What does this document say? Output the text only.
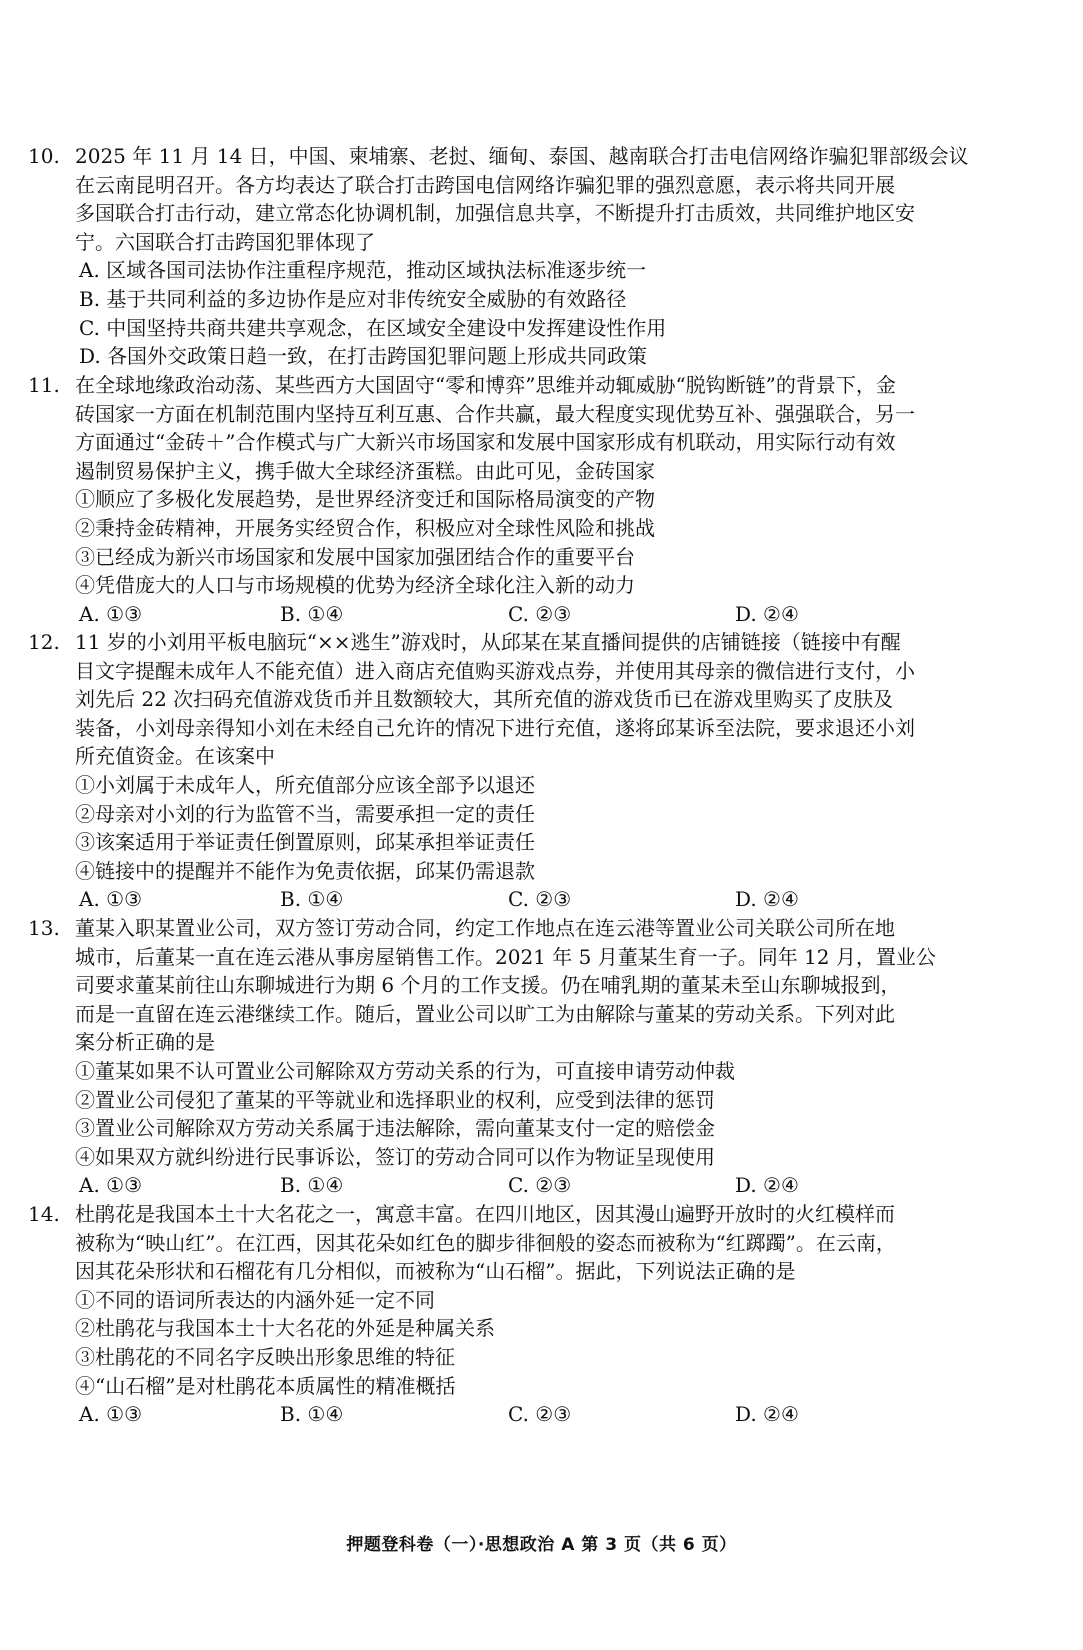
10. 2025 年 11 月 14 日，中国、柬埔寨、老挝、缅甸、泰国、越南联合打击电信网络诈骗犯罪部级会议
在云南昆明召开。各方均表达了联合打击跨国电信网络诈骗犯罪的强烈意愿，表示将共同开展
多国联合打击行动，建立常态化协调机制，加强信息共享，不断提升打击质效，共同维护地区安
宁。六国联合打击跨国犯罪体现了
A. 区域各国司法协作注重程序规范，推动区域执法标准逐步统一
B. 基于共同利益的多边协作是应对非传统安全威胁的有效路径
C. 中国坚持共商共建共享观念，在区域安全建设中发挥建设性作用
D. 各国外交政策日趋一致，在打击跨国犯罪问题上形成共同政策
11. 在全球地缘政治动荡、某些西方大国固守“零和博弈”思维并动辄威胁“脱钩断链”的背景下，金
砖国家一方面在机制范围内坚持互利互惠、合作共赢，最大程度实现优势互补、强强联合，另一
方面通过“金砖＋”合作模式与广大新兴市场国家和发展中国家形成有机联动，用实际行动有效
遏制贸易保护主义，携手做大全球经济蛋糕。由此可见，金砖国家
①顺应了多极化发展趋势，是世界经济变迁和国际格局演变的产物
②秉持金砖精神，开展务实经贸合作，积极应对全球性风险和挑战
③已经成为新兴市场国家和发展中国家加强团结合作的重要平台
④凭借庞大的人口与市场规模的优势为经济全球化注入新的动力
A. ①③	B. ①④	C. ②③	D. ②④
12. 11 岁的小刘用平板电脑玩“××逃生”游戏时，从邱某在某直播间提供的店铺链接（链接中有醒
目文字提醒未成年人不能充值）进入商店充值购买游戏点券，并使用其母亲的微信进行支付，小
刘先后 22 次扫码充值游戏货币并且数额较大，其所充值的游戏货币已在游戏里购买了皮肤及
装备，小刘母亲得知小刘在未经自己允许的情况下进行充值，遂将邱某诉至法院，要求退还小刘
所充值资金。在该案中
①小刘属于未成年人，所充值部分应该全部予以退还
②母亲对小刘的行为监管不当，需要承担一定的责任
③该案适用于举证责任倒置原则，邱某承担举证责任
④链接中的提醒并不能作为免责依据，邱某仍需退款
A. ①③	B. ①④	C. ②③	D. ②④
13. 董某入职某置业公司，双方签订劳动合同，约定工作地点在连云港等置业公司关联公司所在地
城市，后董某一直在连云港从事房屋销售工作。2021 年 5 月董某生育一子。同年 12 月，置业公
司要求董某前往山东聊城进行为期 6 个月的工作支援。仍在哺乳期的董某未至山东聊城报到，
而是一直留在连云港继续工作。随后，置业公司以旷工为由解除与董某的劳动关系。下列对此
案分析正确的是
①董某如果不认可置业公司解除双方劳动关系的行为，可直接申请劳动仲裁
②置业公司侵犯了董某的平等就业和选择职业的权利，应受到法律的惩罚
③置业公司解除双方劳动关系属于违法解除，需向董某支付一定的赔偿金
④如果双方就纠纷进行民事诉讼，签订的劳动合同可以作为物证呈现使用
A. ①③	B. ①④	C. ②③	D. ②④
14. 杜鹃花是我国本土十大名花之一，寓意丰富。在四川地区，因其漫山遍野开放时的火红模样而
被称为“映山红”。在江西，因其花朵如红色的脚步徘徊般的姿态而被称为“红踯躅”。在云南，
因其花朵形状和石榴花有几分相似，而被称为“山石榴”。据此，下列说法正确的是
①不同的语词所表达的内涵外延一定不同
②杜鹃花与我国本土十大名花的外延是种属关系
③杜鹃花的不同名字反映出形象思维的特征
④“山石榴”是对杜鹃花本质属性的精准概括
A. ①③	B. ①④	C. ②③	D. ②④
押题登科卷（一）·思想政治 A 第 3 页（共 6 页）
